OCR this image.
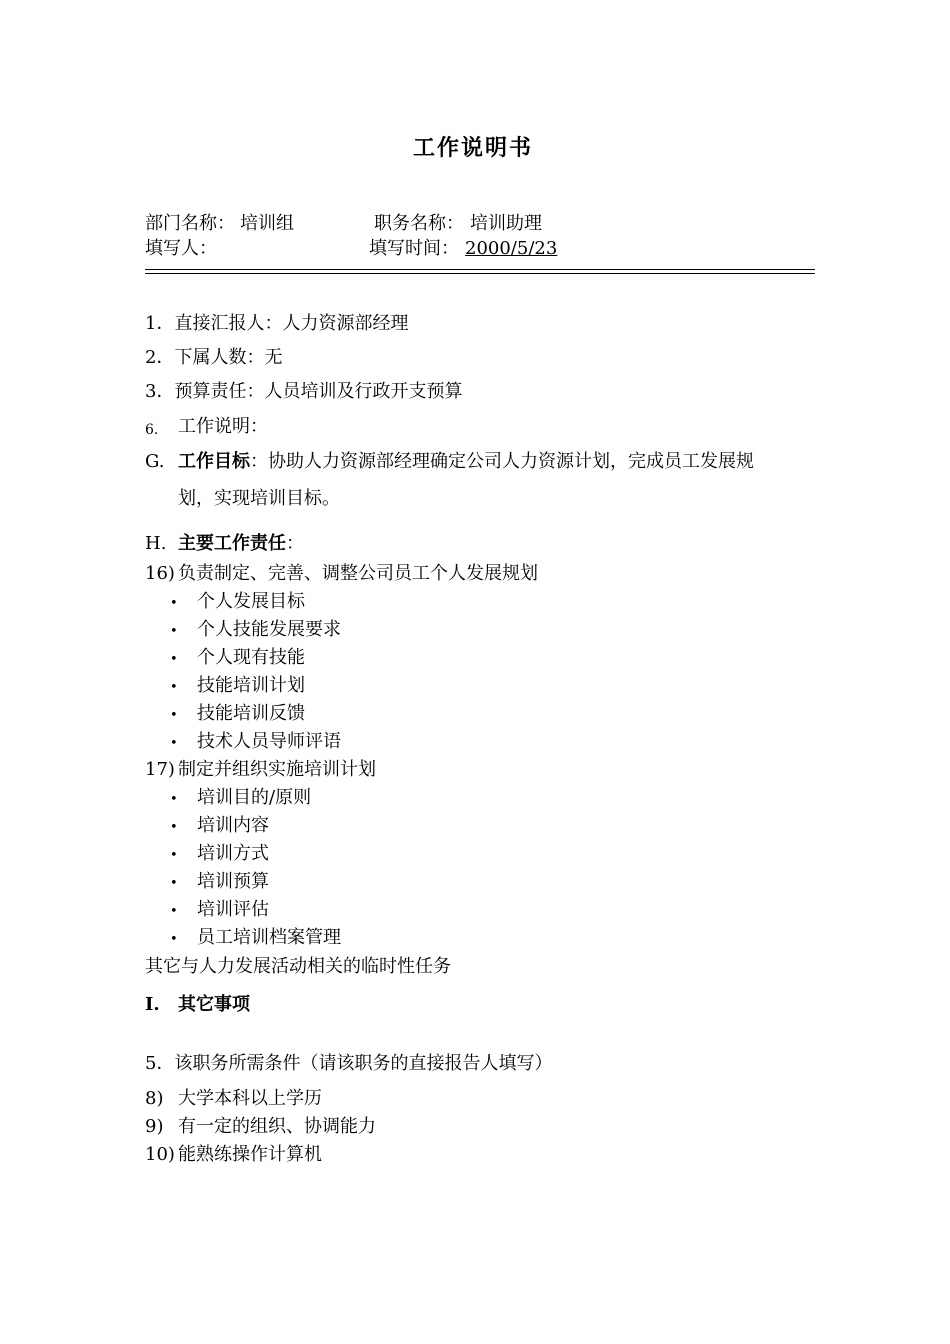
工作说明书
部门名称： 培训组	职务名称： 培训助理
填写人：	填写时间： 2000/5/23
1．直接汇报人：人力资源部经理
2．下属人数：无
3．预算责任：人员培训及行政开支预算
6. 工作说明：
G. 工作目标：协助人力资源部经理确定公司人力资源计划，完成员工发展规
划，实现培训目标。
H. 主要工作责任：
16) 负责制定、完善、调整公司员工个人发展规划
• 个人发展目标
• 个人技能发展要求
• 个人现有技能
• 技能培训计划
• 技能培训反馈
• 技术人员导师评语
17) 制定并组织实施培训计划
• 培训目的/原则
• 培训内容
• 培训方式
• 培训预算
• 培训评估
• 员工培训档案管理
其它与人力发展活动相关的临时性任务
I. 其它事项
5．该职务所需条件（请该职务的直接报告人填写）
8) 大学本科以上学历
9) 有一定的组织、协调能力
10) 能熟练操作计算机
